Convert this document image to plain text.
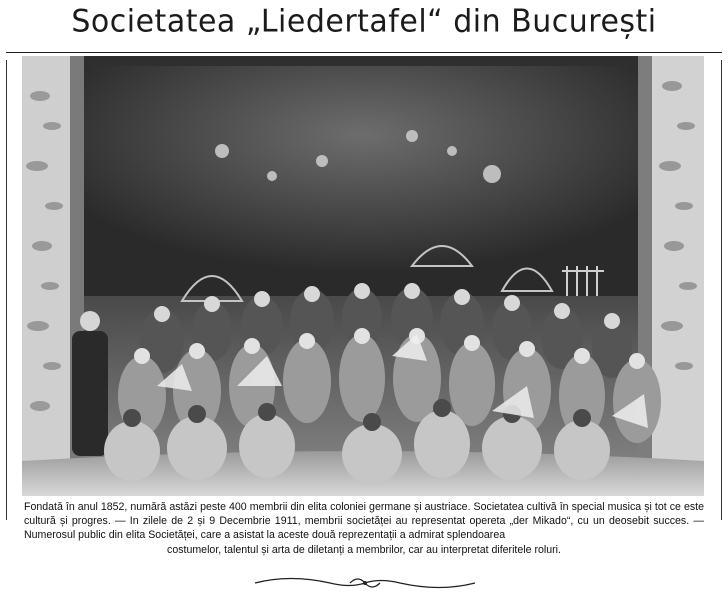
Societatea „Liedertafel“ din București
Fondată în anul 1852, numără astăzi peste 400 membrii din elita coloniei germane și austriace. Societatea cultivă în special musica și tot ce este cultură și progres. — In zilele de 2 și 9 Decembrie 1911, membrii societăței au representat opereta „der Mikado“, cu un deosebit succes. — Numerosul public din elita Societăței, care a asistat la aceste două reprezentații a admirat splendoarea
costumelor, talentul și arta de diletanți a membrilor, car au interpretat diferitele roluri.
